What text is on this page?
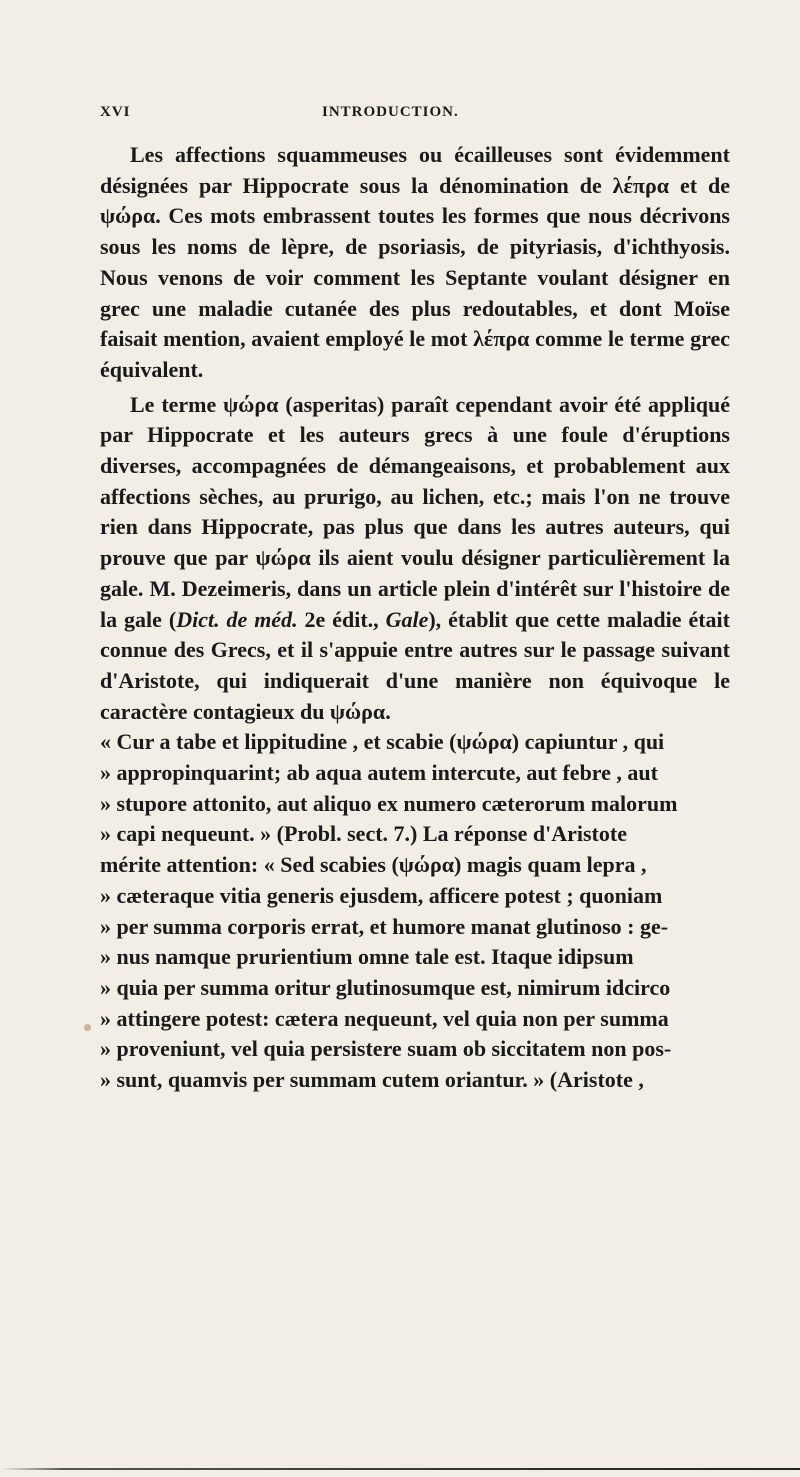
XVI	INTRODUCTION.

Les affections squammeuses ou écailleuses sont évidemment désignées par Hippocrate sous la dénomination de λέπρα et de ψώρα. Ces mots embrassent toutes les formes que nous décrivons sous les noms de lèpre, de psoriasis, de pityriasis, d'ichthyosis. Nous venons de voir comment les Septante voulant désigner en grec une maladie cutanée des plus redoutables, et dont Moïse faisait mention, avaient employé le mot λέπρα comme le terme grec équivalent.

Le terme ψώρα (asperitas) paraît cependant avoir été appliqué par Hippocrate et les auteurs grecs à une foule d'éruptions diverses, accompagnées de démangeaisons, et probablement aux affections sèches, au prurigo, au lichen, etc.; mais l'on ne trouve rien dans Hippocrate, pas plus que dans les autres auteurs, qui prouve que par ψώρα ils aient voulu désigner particulièrement la gale. M. Dezeimeris, dans un article plein d'intérêt sur l'histoire de la gale (Dict. de méd. 2e édit., Gale), établit que cette maladie était connue des Grecs, et il s'appuie entre autres sur le passage suivant d'Aristote, qui indiquerait d'une manière non équivoque le caractère contagieux du ψώρα.

« Cur a tabe et lippitudine , et scabie (ψώρα) capiuntur , qui
» appropinquarint; ab aqua autem intercute, aut febre , aut
» stupore attonito, aut aliquo ex numero cæterorum malorum
» capi nequeunt. » (Probl. sect. 7.) La réponse d'Aristote
mérite attention: « Sed scabies (ψώρα) magis quam lepra ,
» cæteraque vitia generis ejusdem, afficere potest ; quoniam
» per summa corporis errat, et humore manat glutinoso : ge-
» nus namque prurientium omne tale est. Itaque idipsum
» quia per summa oritur glutinosumque est, nimirum idcirco
» attingere potest: cætera nequeunt, vel quia non per summa
» proveniunt, vel quia persistere suam ob siccitatem non pos-
» sunt, quamvis per summam cutem oriantur. » (Aristote ,
